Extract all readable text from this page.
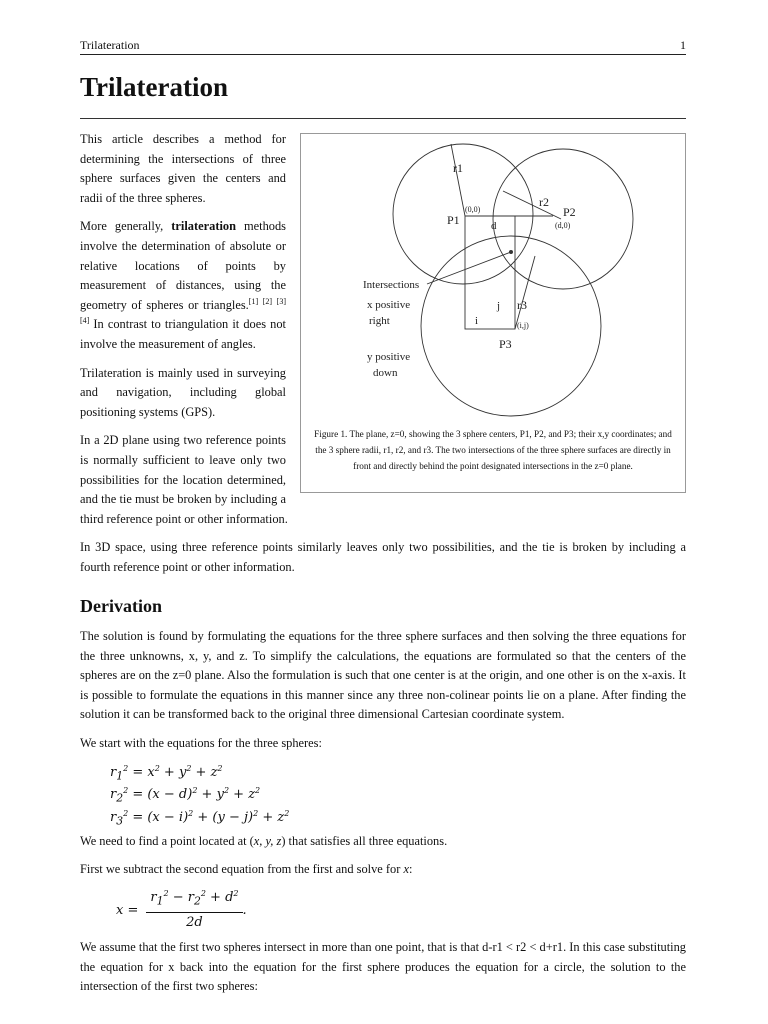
Trilateration	1
Trilateration
r1
(0,0)
P1	d
r2
P2
(d,0)
Intersections
x positive
right
j r3
i	(i,j)
P3
y positive
down
Figure 1. The plane, z=0, showing the 3 sphere centers, P1, P2, and P3; their x,y coordinates; and the 3 sphere radii, r1, r2, and r3. The two intersections of the three sphere surfaces are directly in front and directly behind the point designated intersections in the z=0 plane.

This article describes a method for determining the intersections of three sphere surfaces given the centers and radii of the three spheres.

More generally, trilateration methods involve the determination of absolute or relative locations of points by measurement of distances, using the geometry of spheres or triangles.[1] [2] [3] [4] In contrast to triangulation it does not involve the measurement of angles.

Trilateration is mainly used in surveying and navigation, including global positioning systems (GPS).

In a 2D plane using two reference points is normally sufficient to leave only two possibilities for the location determined, and the tie must be broken by including a third reference point or other information.

In 3D space, using three reference points similarly leaves only two possibilities, and the tie is broken by including a fourth reference point or other information.

Derivation

The solution is found by formulating the equations for the three sphere surfaces and then solving the three equations for the three unknowns, x, y, and z. To simplify the calculations, the equations are formulated so that the centers of the spheres are on the z=0 plane. Also the formulation is such that one center is at the origin, and one other is on the x-axis. It is possible to formulate the equations in this manner since any three non-colinear points lie on a plane. After finding the solution it can be transformed back to the original three dimensional Cartesian coordinate system.

We start with the equations for the three spheres:

$r_1^2 = x^2 + y^2 + z^2$
$r_2^2 = (x - d)^2 + y^2 + z^2$
$r_3^2 = (x - i)^2 + (y - j)^2 + z^2$

We need to find a point located at (x, y, z) that satisfies all three equations.

First we subtract the second equation from the first and solve for x:

$x = \frac{r_1^2 - r_2^2 + d^2}{2d}$ .

We assume that the first two spheres intersect in more than one point, that is that d-r1 < r2 < d+r1. In this case substituting the equation for x back into the equation for the first sphere produces the equation for a circle, the solution to the intersection of the first two spheres:
